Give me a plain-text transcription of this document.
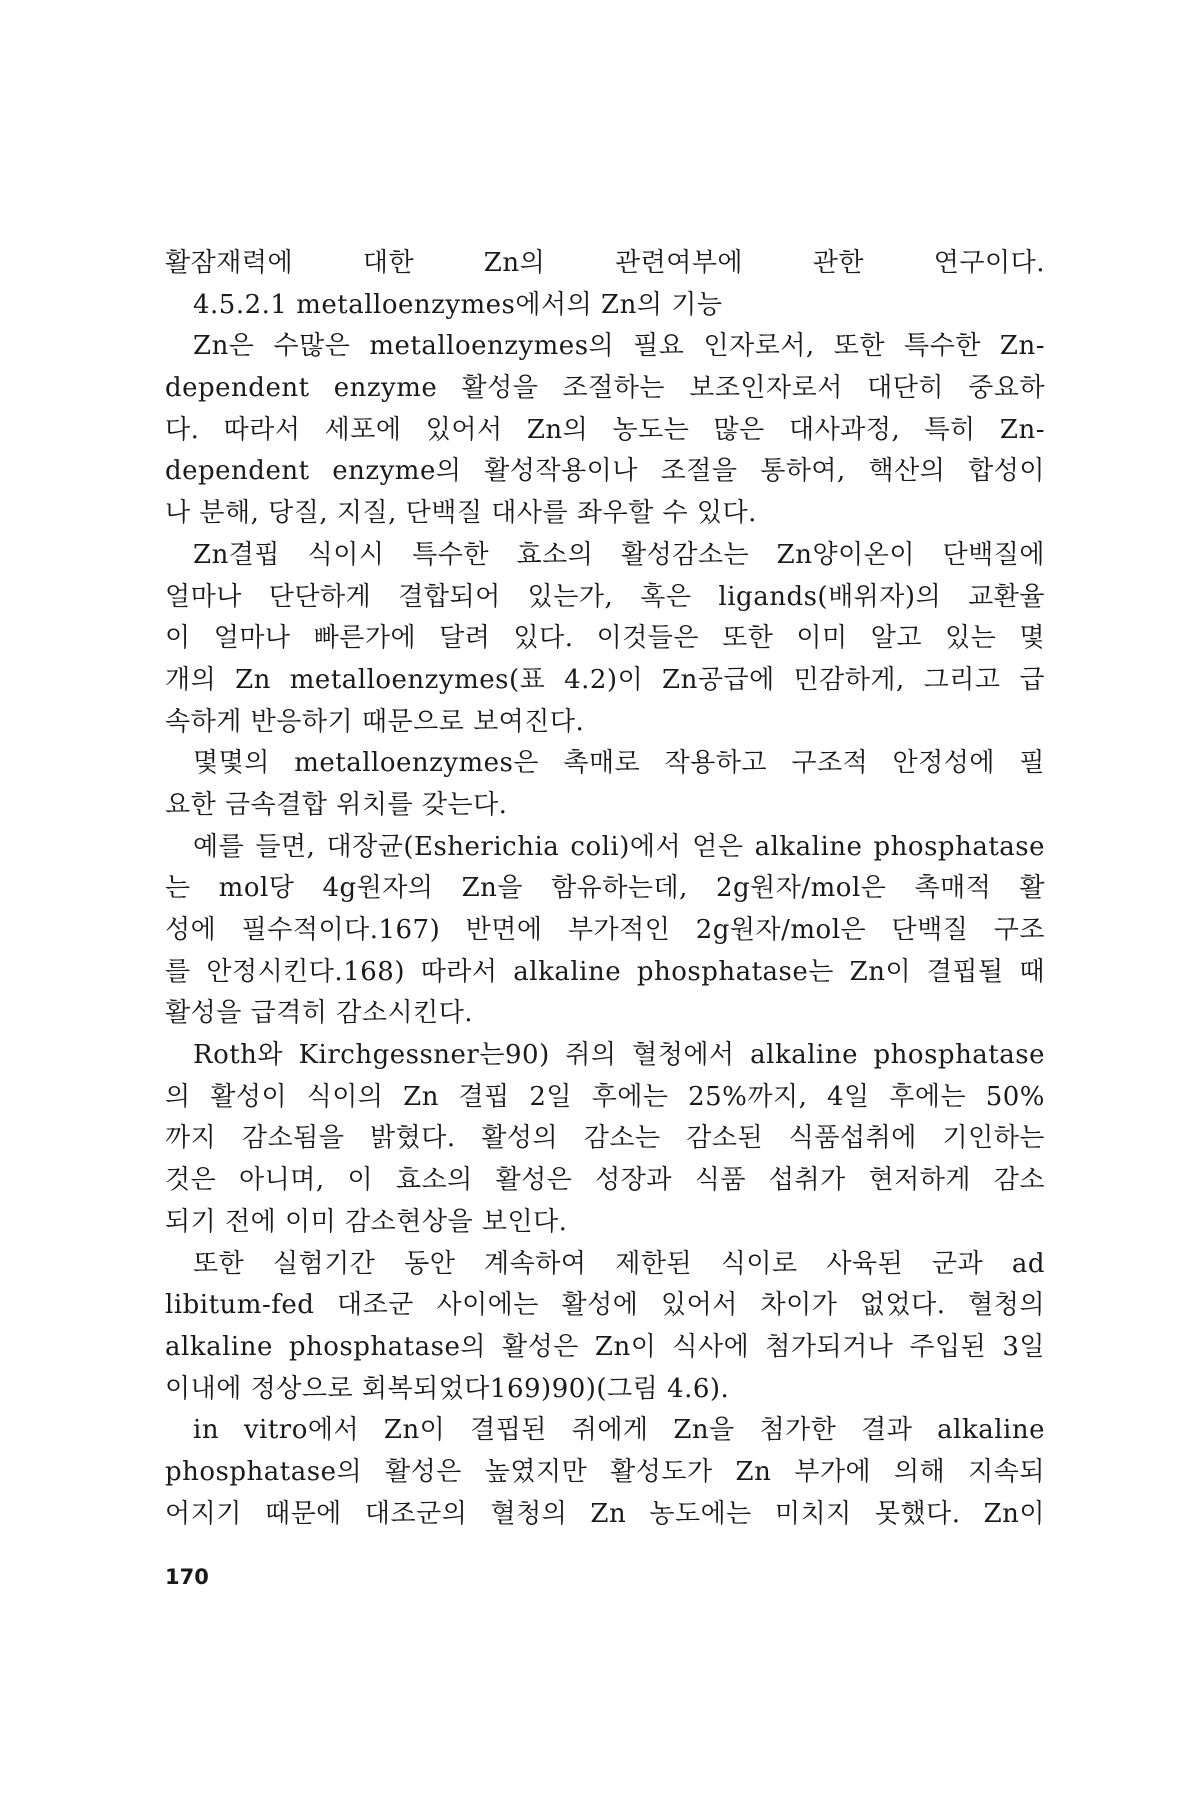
활잠재력에 대한 Zn의 관련여부에 관한 연구이다.
4.5.2.1 metalloenzymes에서의 Zn의 기능
Zn은 수많은 metalloenzymes의 필요 인자로서, 또한 특수한 Zn-
dependent enzyme 활성을 조절하는 보조인자로서 대단히 중요하
다. 따라서 세포에 있어서 Zn의 농도는 많은 대사과정, 특히 Zn-
dependent enzyme의 활성작용이나 조절을 통하여, 핵산의 합성이
나 분해, 당질, 지질, 단백질 대사를 좌우할 수 있다.
Zn결핍 식이시 특수한 효소의 활성감소는 Zn양이온이 단백질에
얼마나 단단하게 결합되어 있는가, 혹은 ligands(배위자)의 교환율
이 얼마나 빠른가에 달려 있다. 이것들은 또한 이미 알고 있는 몇
개의 Zn metalloenzymes(표 4.2)이 Zn공급에 민감하게, 그리고 급
속하게 반응하기 때문으로 보여진다.
몇몇의 metalloenzymes은 촉매로 작용하고 구조적 안정성에 필
요한 금속결합 위치를 갖는다.
예를 들면, 대장균(Esherichia coli)에서 얻은 alkaline phosphatase
는 mol당 4g원자의 Zn을 함유하는데, 2g원자/mol은 촉매적 활
성에 필수적이다.167) 반면에 부가적인 2g원자/mol은 단백질 구조
를 안정시킨다.168) 따라서 alkaline phosphatase는 Zn이 결핍될 때
활성을 급격히 감소시킨다.
Roth와 Kirchgessner는90) 쥐의 혈청에서 alkaline phosphatase
의 활성이 식이의 Zn 결핍 2일 후에는 25%까지, 4일 후에는 50%
까지 감소됨을 밝혔다. 활성의 감소는 감소된 식품섭취에 기인하는
것은 아니며, 이 효소의 활성은 성장과 식품 섭취가 현저하게 감소
되기 전에 이미 감소현상을 보인다.
또한 실험기간 동안 계속하여 제한된 식이로 사육된 군과 ad
libitum-fed 대조군 사이에는 활성에 있어서 차이가 없었다. 혈청의
alkaline phosphatase의 활성은 Zn이 식사에 첨가되거나 주입된 3일
이내에 정상으로 회복되었다169)90)(그림 4.6).
in vitro에서 Zn이 결핍된 쥐에게 Zn을 첨가한 결과 alkaline
phosphatase의 활성은 높였지만 활성도가 Zn 부가에 의해 지속되
어지기 때문에 대조군의 혈청의 Zn 농도에는 미치지 못했다. Zn이
170
